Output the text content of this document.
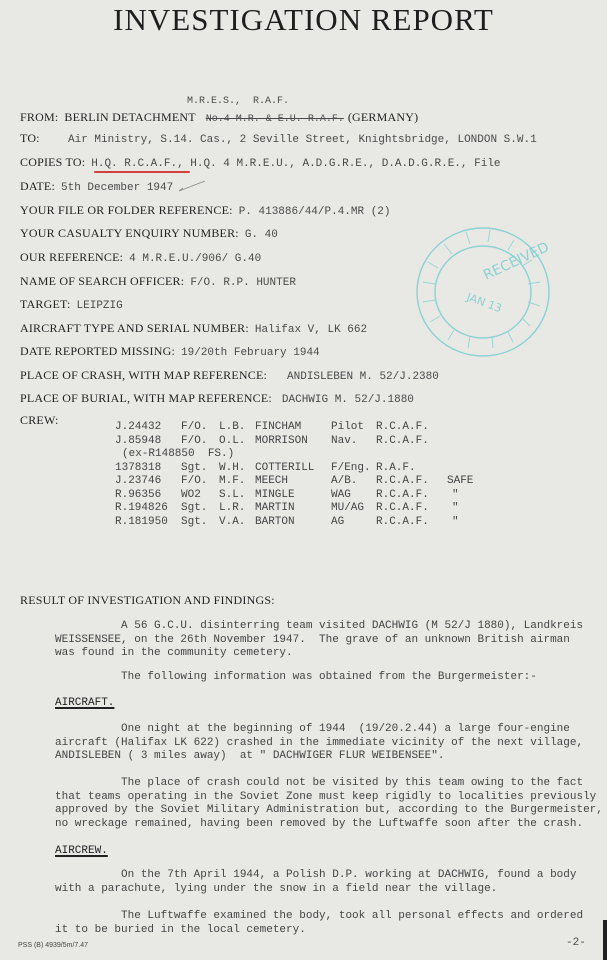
INVESTIGATION REPORT
M.R.E.S.,  R.A.F.
FROM: BERLIN DETACHMENT No.4 M.R. & E.U. R.A.F. (GERMANY)
TO:	Air Ministry, S.14. Cas., 2 Seville Street, Knightsbridge, LONDON S.W.1
COPIES TO: H.Q. R.C.A.F., H.Q. 4 M.R.E.U., A.D.G.R.E., D.A.D.G.R.E., File
DATE: 5th December 1947
YOUR FILE OR FOLDER REFERENCE: P. 413886/44/P.4.MR (2)
YOUR CASUALTY ENQUIRY NUMBER: G. 40
OUR REFERENCE: 4 M.R.E.U./906/ G.40
NAME OF SEARCH OFFICER: F/O. R.P. HUNTER
TARGET: LEIPZIG
AIRCRAFT TYPE AND SERIAL NUMBER: Halifax V, LK 662
DATE REPORTED MISSING: 19/20th February 1944
PLACE OF CRASH, WITH MAP REFERENCE: ANDISLEBEN M. 52/J.2380
PLACE OF BURIAL, WITH MAP REFERENCE: DACHWIG M. 52/J.1880
CREW:	J.24432 F/O. L.B. FINCHAM	Pilot R.C.A.F.
J.85948 F/O. O.L. MORRISON Nav. R.C.A.F.
(ex-R148850  FS.)
1378318 Sgt. W.H. COTTERILL F/Eng. R.A.F.
J.23746 F/O. M.F. MEECH	A/B. R.C.A.F. SAFE
R.96356 WO2 S.L. MINGLE	WAG R.C.A.F. "
R.194826 Sgt. L.R. MARTIN	MU/AG R.C.A.F. "
R.181950 Sgt. V.A. BARTON	AG	R.C.A.F. "
RECEIVED
JAN 13
RESULT OF INVESTIGATION AND FINDINGS:
A 56 G.C.U. disinterring team visited DACHWIG (M 52/J 1880), Landkreis
WEISSENSEE, on the 26th November 1947.  The grave of an unknown British airman
was found in the community cemetery.
The following information was obtained from the Burgermeister:-
AIRCRAFT.
One night at the beginning of 1944  (19/20.2.44) a large four-engine
aircraft (Halifax LK 622) crashed in the immediate vicinity of the next village,
ANDISLEBEN ( 3 miles away)  at " DACHWIGER FLUR WEIBENSEE".
The place of crash could not be visited by this team owing to the fact
that teams operating in the Soviet Zone must keep rigidly to localities previously
approved by the Soviet Military Administration but, according to the Burgermeister,
no wreckage remained, having been removed by the Luftwaffe soon after the crash.
AIRCREW.
On the 7th April 1944, a Polish D.P. working at DACHWIG, found a body
with a parachute, lying under the snow in a field near the village.
The Luftwaffe examined the body, took all personal effects and ordered
it to be buried in the local cemetery.
PSS (B) 4939/5m/7.47	-2-
